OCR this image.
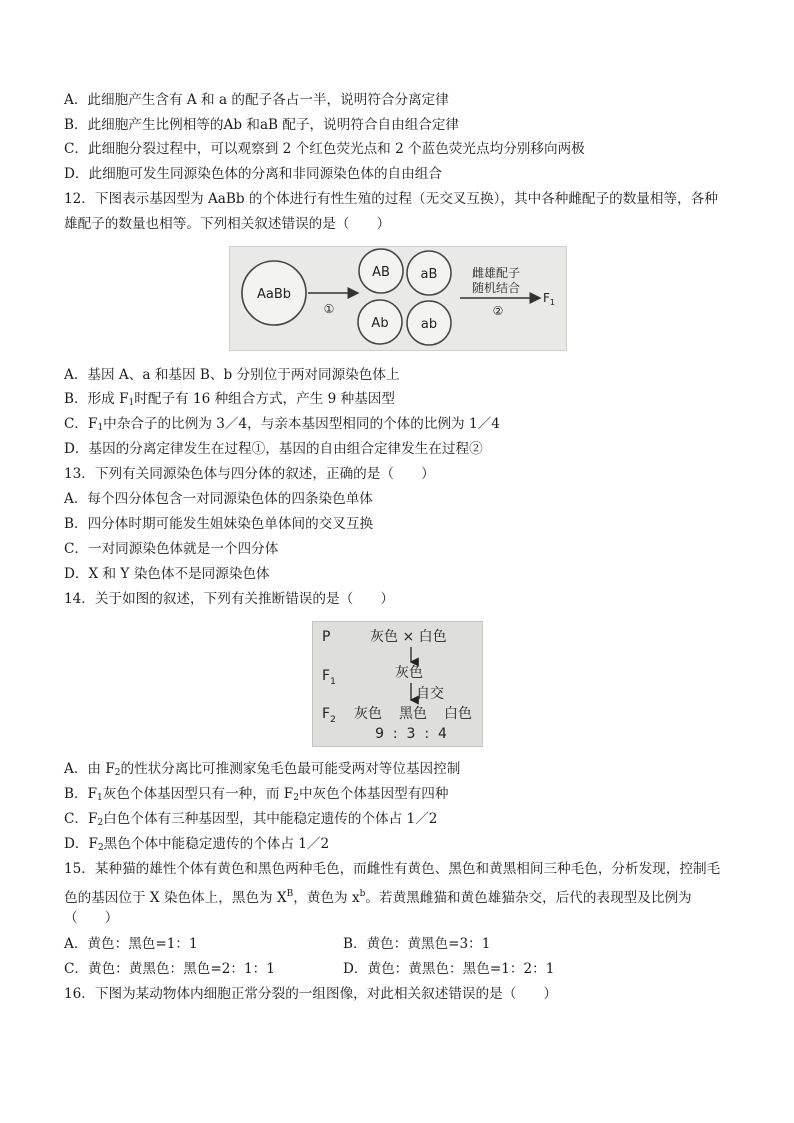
A．此细胞产生含有 A 和 a 的配子各占一半，说明符合分离定律
B．此细胞产生比例相等的Ab 和aB 配子，说明符合自由组合定律
C．此细胞分裂过程中，可以观察到 2 个红色荧光点和 2 个蓝色荧光点均分别移向两极
D．此细胞可发生同源染色体的分离和非同源染色体的自由组合
12．下图表示基因型为 AaBb 的个体进行有性生殖的过程（无交叉互换），其中各种雌配子的数量相等，各种
雄配子的数量也相等。下列相关叙述错误的是（　　）
AaBb
①
AB aB
Ab ab
雌雄配子
随机结合
②
$F_1$
A．基因 A、a 和基因 B、b 分别位于两对同源染色体上
B．形成 $F_1$时配子有 16 种组合方式，产生 9 种基因型
C．$F_1$中杂合子的比例为 3／4，与亲本基因型相同的个体的比例为 1／4
D．基因的分离定律发生在过程①，基因的自由组合定律发生在过程②
13．下列有关同源染色体与四分体的叙述，正确的是（　　）
A．每个四分体包含一对同源染色体的四条染色单体
B．四分体时期可能发生姐妹染色单体间的交叉互换
C．一对同源染色体就是一个四分体
D．X 和 Y 染色体不是同源染色体
14．关于如图的叙述，下列有关推断错误的是（　　）
P	灰色 × 白色
$F_1$
灰色
自交
$F_2$ 灰色 黑色 白色
9  :  3  :  4
A．由 $F_2$的性状分离比可推测家兔毛色最可能受两对等位基因控制
B．$F_1$灰色个体基因型只有一种，而 $F_2$中灰色个体基因型有四种
C．$F_2$白色个体有三种基因型，其中能稳定遗传的个体占 1／2
D．$F_2$黑色个体中能稳定遗传的个体占 1／2
15．某种猫的雄性个体有黄色和黑色两种毛色，而雌性有黄色、黑色和黄黑相间三种毛色，分析发现，控制毛
色的基因位于 X 染色体上，黑色为 $X^B$，黄色为 $x^b$。若黄黑雌猫和黄色雄猫杂交，后代的表现型及比例为
（　　）
A．黄色：黑色=1：1	B．黄色：黄黑色=3：1
C．黄色：黄黑色：黑色=2：1：1	D．黄色：黄黑色：黑色=1：2：1
16．下图为某动物体内细胞正常分裂的一组图像，对此相关叙述错误的是（　　）
